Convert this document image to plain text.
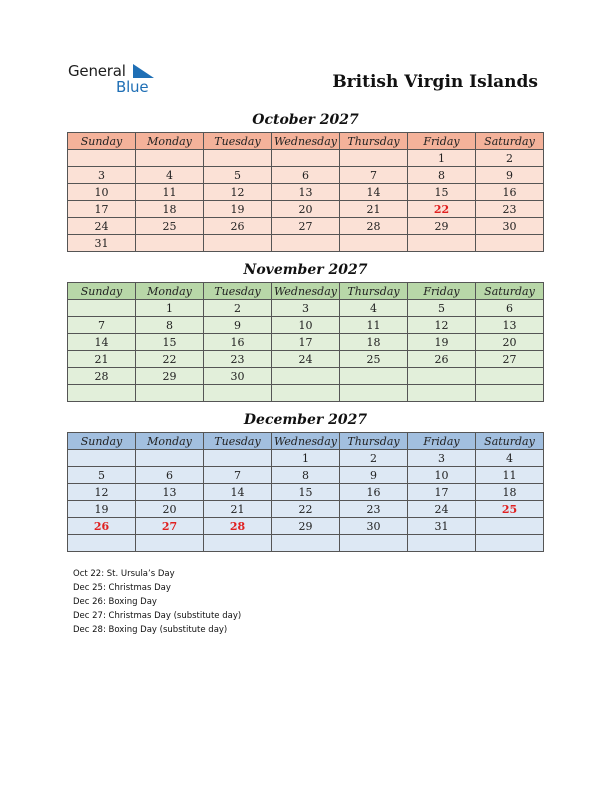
General
Blue	British Virgin Islands
October 2027
Sunday	Monday	Tuesday	Wednesday	Thursday	Friday	Saturday
					1	2
3	4	5	6	7	8	9
10	11	12	13	14	15	16
17	18	19	20	21	22	23
24	25	26	27	28	29	30
31						
November 2027
Sunday	Monday	Tuesday	Wednesday	Thursday	Friday	Saturday
	1	2	3	4	5	6
7	8	9	10	11	12	13
14	15	16	17	18	19	20
21	22	23	24	25	26	27
28	29	30				

December 2027
Sunday	Monday	Tuesday	Wednesday	Thursday	Friday	Saturday
			1	2	3	4
5	6	7	8	9	10	11
12	13	14	15	16	17	18
19	20	21	22	23	24	25
26	27	28	29	30	31	

Oct 22: St. Ursula’s Day
Dec 25: Christmas Day
Dec 26: Boxing Day
Dec 27: Christmas Day (substitute day)
Dec 28: Boxing Day (substitute day)
